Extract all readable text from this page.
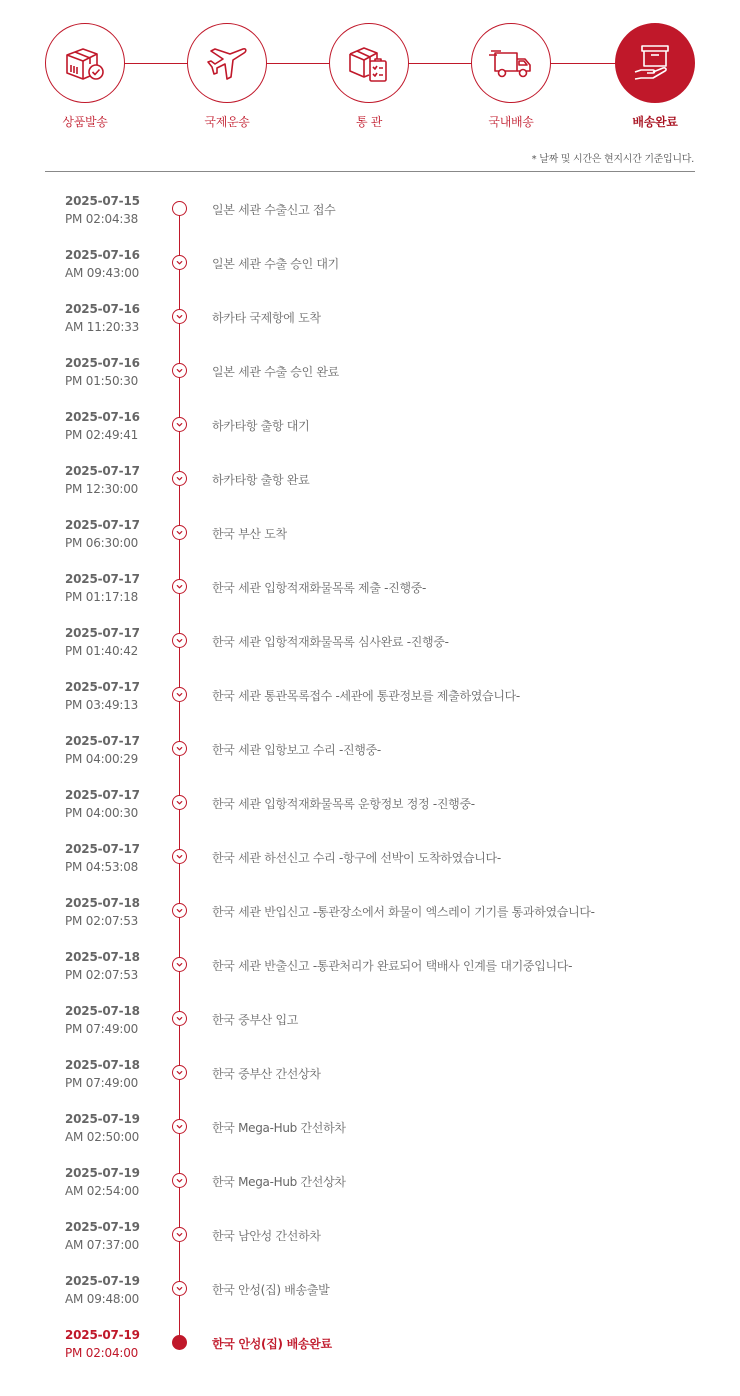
상품발송	국제운송	통 관	국내배송	배송완료
* 날짜 및 시간은 현지시간 기준입니다.
2025-07-15
PM 02:04:38
일본 세관 수출신고 접수
2025-07-16
AM 09:43:00
일본 세관 수출 승인 대기
2025-07-16
AM 11:20:33
하카타 국제항에 도착
2025-07-16
PM 01:50:30
일본 세관 수출 승인 완료
2025-07-16
PM 02:49:41
하카타항 출항 대기
2025-07-17
PM 12:30:00
하카타항 출항 완료
2025-07-17
PM 06:30:00
한국 부산 도착
2025-07-17
PM 01:17:18
한국 세관 입항적재화물목록 제출 -진행중-
2025-07-17
PM 01:40:42
한국 세관 입항적재화물목록 심사완료 -진행중-
2025-07-17
PM 03:49:13
한국 세관 통관목록접수 -세관에 통관정보를 제출하였습니다-
2025-07-17
PM 04:00:29
한국 세관 입항보고 수리 -진행중-
2025-07-17
PM 04:00:30
한국 세관 입항적재화물목록 운항정보 정정 -진행중-
2025-07-17
PM 04:53:08
한국 세관 하선신고 수리 -항구에 선박이 도착하였습니다-
2025-07-18
PM 02:07:53
한국 세관 반입신고 -통관장소에서 화물이 엑스레이 기기를 통과하였습니다-
2025-07-18
PM 02:07:53
한국 세관 반출신고 -통관처리가 완료되어 택배사 인계를 대기중입니다-
2025-07-18
PM 07:49:00
한국 중부산 입고
2025-07-18
PM 07:49:00
한국 중부산 간선상차
2025-07-19
AM 02:50:00
한국 Mega-Hub 간선하차
2025-07-19
AM 02:54:00
한국 Mega-Hub 간선상차
2025-07-19
AM 07:37:00
한국 남안성 간선하차
2025-07-19
AM 09:48:00
한국 안성(집) 배송출발
2025-07-19
PM 02:04:00
한국 안성(집) 배송완료
